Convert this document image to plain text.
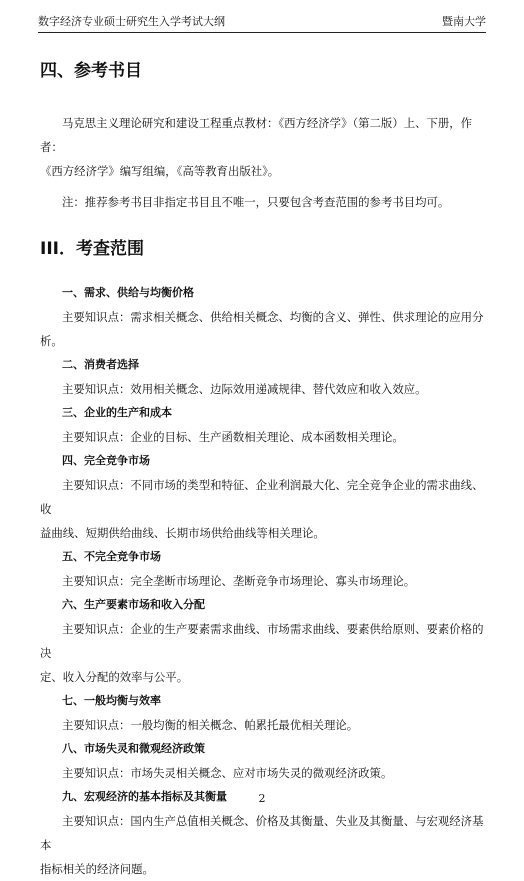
数字经济专业硕士研究生入学考试大纲	暨南大学
四、参考书目

马克思主义理论研究和建设工程重点教材：《西方经济学》（第二版）上、下册，作者：

《西方经济学》编写组编，《高等教育出版社》。

注：推荐参考书目非指定书目且不唯一，只要包含考查范围的参考书目均可。

III．考查范围
一、需求、供给与均衡价格

主要知识点：需求相关概念、供给相关概念、均衡的含义、弹性、供求理论的应用分析。

二、消费者选择

主要知识点：效用相关概念、边际效用递减规律、替代效应和收入效应。

三、企业的生产和成本

主要知识点：企业的目标、生产函数相关理论、成本函数相关理论。

四、完全竞争市场

主要知识点：不同市场的类型和特征、企业利润最大化、完全竞争企业的需求曲线、收

益曲线、短期供给曲线、长期市场供给曲线等相关理论。

五、不完全竞争市场

主要知识点：完全垄断市场理论、垄断竞争市场理论、寡头市场理论。

六、生产要素市场和收入分配

主要知识点：企业的生产要素需求曲线、市场需求曲线、要素供给原则、要素价格的决

定、收入分配的效率与公平。

七、一般均衡与效率

主要知识点：一般均衡的相关概念、帕累托最优相关理论。

八、市场失灵和微观经济政策

主要知识点：市场失灵相关概念、应对市场失灵的微观经济政策。

九、宏观经济的基本指标及其衡量

主要知识点：国内生产总值相关概念、价格及其衡量、失业及其衡量、与宏观经济基本

指标相关的经济问题。

2
